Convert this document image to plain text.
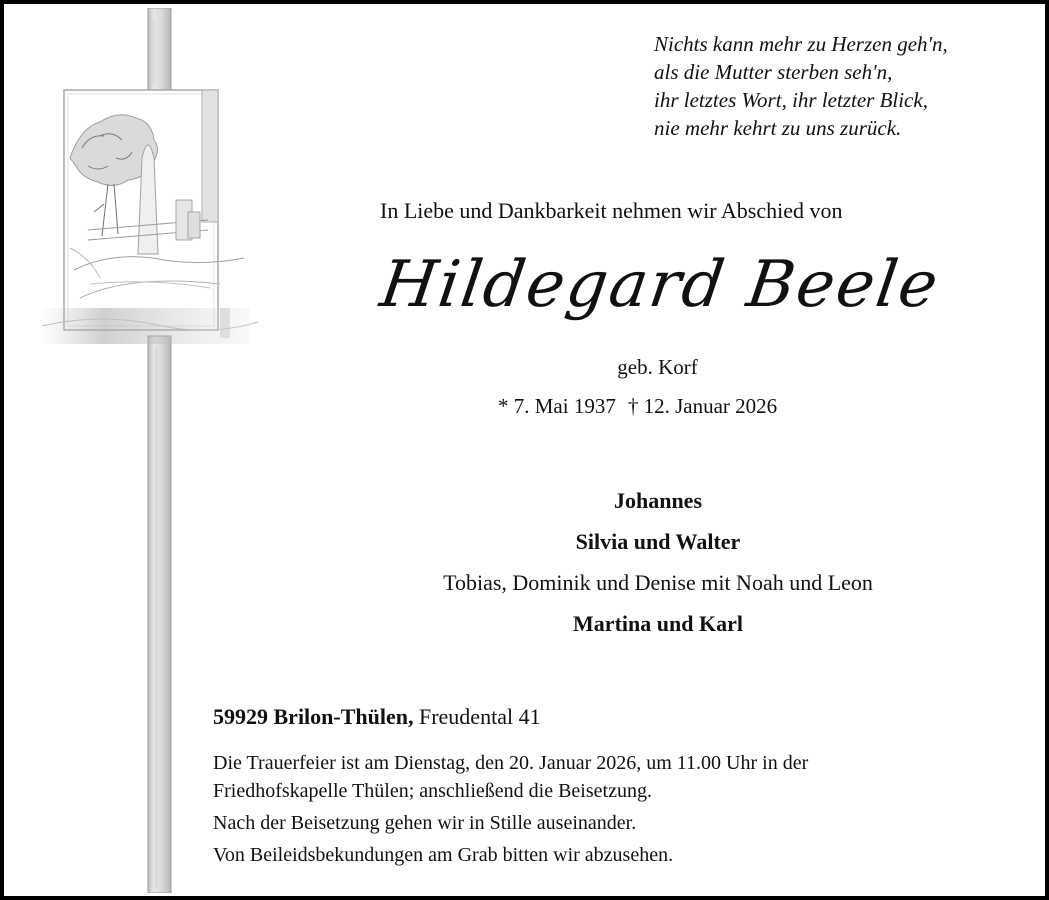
Nichts kann mehr zu Herzen geh'n,
als die Mutter sterben seh'n,
ihr letztes Wort, ihr letzter Blick,
nie mehr kehrt zu uns zurück.
In Liebe und Dankbarkeit nehmen wir Abschied von
Hildegard Beele
geb. Korf
* 7. Mai 1937 † 12. Januar 2026
Johannes
Silvia und Walter
Tobias, Dominik und Denise mit Noah und Leon
Martina und Karl
59929 Brilon-Thülen, Freudental 41
Die Trauerfeier ist am Dienstag, den 20. Januar 2026, um 11.00 Uhr in der
Friedhofskapelle Thülen; anschließend die Beisetzung.
Nach der Beisetzung gehen wir in Stille auseinander.
Von Beileidsbekundungen am Grab bitten wir abzusehen.
